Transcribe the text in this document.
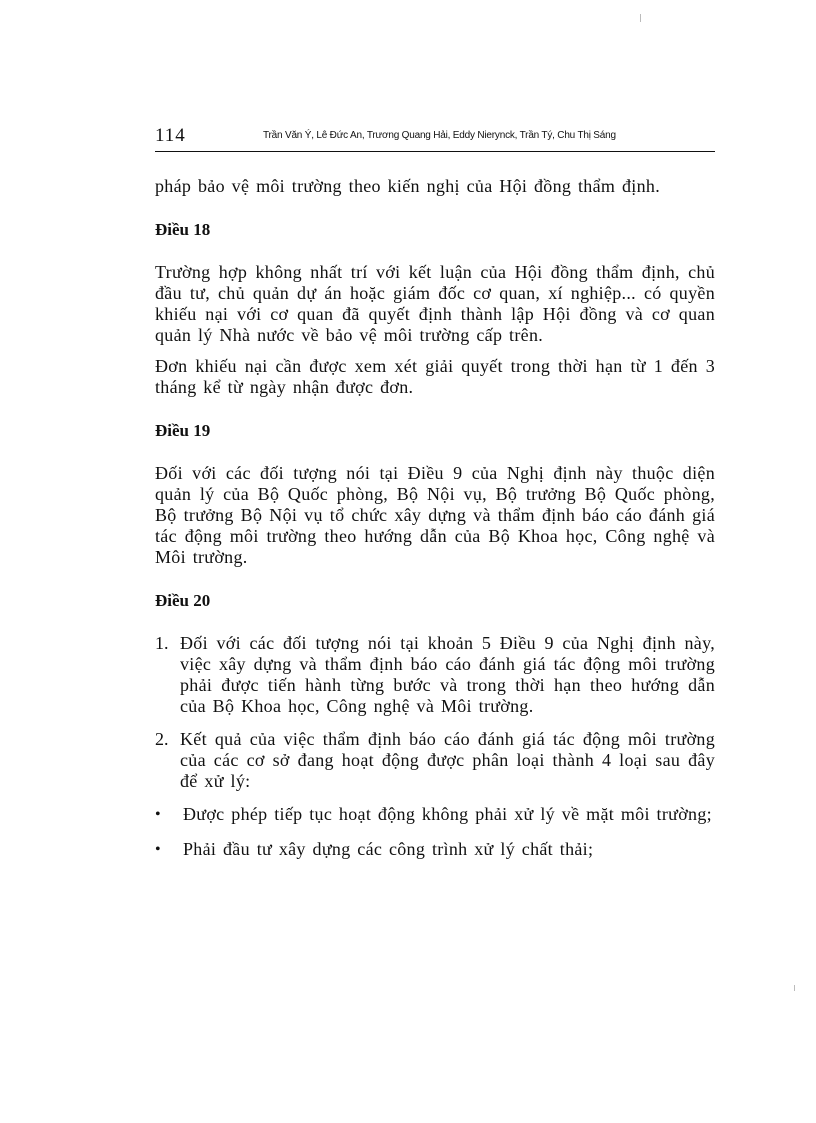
114	Trần Văn Ý, Lê Đức An, Trương Quang Hải, Eddy Nierynck, Trần Tý, Chu Thị Sáng

pháp bảo vệ môi trường theo kiến nghị của Hội đồng thẩm định.

Điều 18

Trường hợp không nhất trí với kết luận của Hội đồng thẩm định, chủ đầu tư, chủ quản dự án hoặc giám đốc cơ quan, xí nghiệp... có quyền khiếu nại với cơ quan đã quyết định thành lập Hội đồng và cơ quan quản lý Nhà nước về bảo vệ môi trường cấp trên.

Đơn khiếu nại cần được xem xét giải quyết trong thời hạn từ 1 đến 3 tháng kể từ ngày nhận được đơn.

Điều 19

Đối với các đối tượng nói tại Điều 9 của Nghị định này thuộc diện quản lý của Bộ Quốc phòng, Bộ Nội vụ, Bộ trưởng Bộ Quốc phòng, Bộ trưởng Bộ Nội vụ tổ chức xây dựng và thẩm định báo cáo đánh giá tác động môi trường theo hướng dẫn của Bộ Khoa học, Công nghệ và Môi trường.

Điều 20
1. Đối với các đối tượng nói tại khoản 5 Điều 9 của Nghị định này, việc xây dựng và thẩm định báo cáo đánh giá tác động môi trường phải được tiến hành từng bước và trong thời hạn theo hướng dẫn của Bộ Khoa học, Công nghệ và Môi trường.

2. Kết quả của việc thẩm định báo cáo đánh giá tác động môi trường của các cơ sở đang hoạt động được phân loại thành 4 loại sau đây để xử lý:

• Được phép tiếp tục hoạt động không phải xử lý về mặt môi trường;

• Phải đầu tư xây dựng các công trình xử lý chất thải;
